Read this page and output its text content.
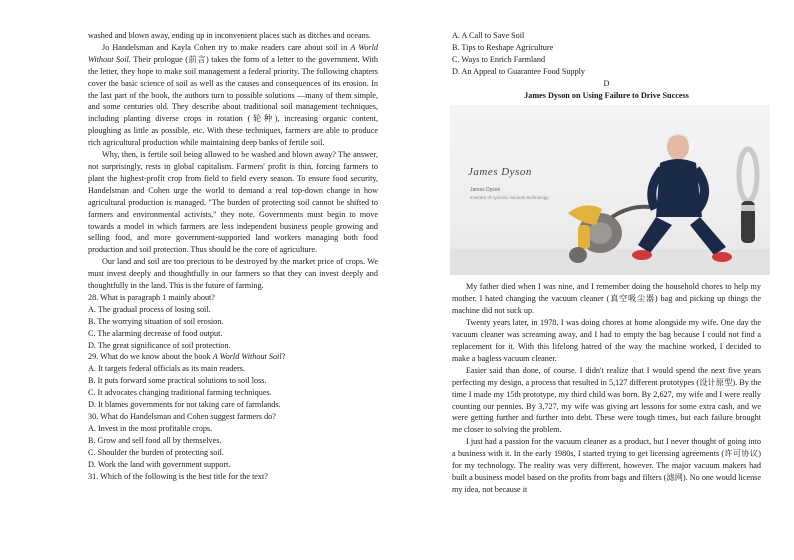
washed and blown away, ending up in inconvenient places such as ditches and oceans.

Jo Handelsman and Kayla Cohen try to make readers care about soil in A World Without Soil. Their prologue (前言) takes the form of a letter to the government. With the letter, they hope to make soil management a federal priority. The following chapters cover the basic science of soil as well as the causes and consequences of its erosion. In the last part of the book, the authors turn to possible solutions —many of them simple, and some centuries old. They describe about traditional soil management techniques, including planting diverse crops in rotation (轮种), increasing organic content, ploughing as little as possible, etc. With these techniques, farmers are able to produce rich agricultural production while maintaining deep banks of fertile soil.

Why, then, is fertile soil being allowed to be washed and blown away? The answer, not surprisingly, rests in global capitalism. Farmers' profit is thin, forcing farmers to plant the highest-profit crop from field to field every season. To ensure food security, Handelsman and Cohen urge the world to demand a real top-down change in how agricultural production is managed. "The burden of protecting soil cannot be shifted to farmers and environmental activists," they note. Governments must begin to move towards a model in which farmers are less independent business people growing and selling food, and more government-supported land workers managing both food production and soil protection. Thus should be the core of agriculture.

Our land and soil are too precious to be destroyed by the market price of crops. We must invest deeply and thoughtfully in our farmers so that they can invest deeply and thoughtfully in the land. This is the future of farming.

28. What is paragraph 1 mainly about?

A. The gradual process of losing soil.

B. The worrying situation of soil erosion.

C. The alarming decrease of food output.

D. The great significance of soil protection.

29. What do we know about the book A World Without Soil?

A. It targets federal officials as its main readers.

B. It puts forward some practical solutions to soil loss.

C. It advocates changing traditional farming techniques.

D. It blames governments for not taking care of farmlands.

30. What do Handelsman and Cohen suggest farmers do?

A. Invest in the most profitable crops.

B. Grow and sell food all by themselves.

C. Shoulder the burden of protecting soil.

D. Work the land with government support.

31. Which of the following is the best title for the text?

A. A Call to Save Soil

B. Tips to Reshape Agriculture

C. Ways to Enrich Farmland

D. An Appeal to Guarantee Food Supply

D

James Dyson on Using Failure to Drive Success

James Dyson
James Dyson
Inventor of cyclonic vacuum technology

My father died when I was nine, and I remember doing the household chores to help my mother. I hated changing the vacuum cleaner (真空吸尘器) bag and picking up things the machine did not suck up.

Twenty years later, in 1978, I was doing chores at home alongside my wife. One day the vacuum cleaner was screaming away, and I had to empty the bag because I could not find a replacement for it. With this lifelong hatred of the way the machine worked, I decided to make a bagless vacuum cleaner.

Easier said than done, of course. I didn't realize that I would spend the next five years perfecting my design, a process that resulted in 5,127 different prototypes (设计原型). By the time I made my 15th prototype, my third child was born. By 2,627, my wife and I were really counting our pennies. By 3,727, my wife was giving art lessons for some extra cash, and we were getting further and further into debt. These were tough times, but each failure brought me closer to solving the problem.

I just had a passion for the vacuum cleaner as a product, but I never thought of going into a business with it. In the early 1980s, I started trying to get licensing agreements (许可协议) for my technology. The reality was very different, however. The major vacuum makers had built a business model based on the profits from bags and filters (滤网). No one would license my idea, not because it
